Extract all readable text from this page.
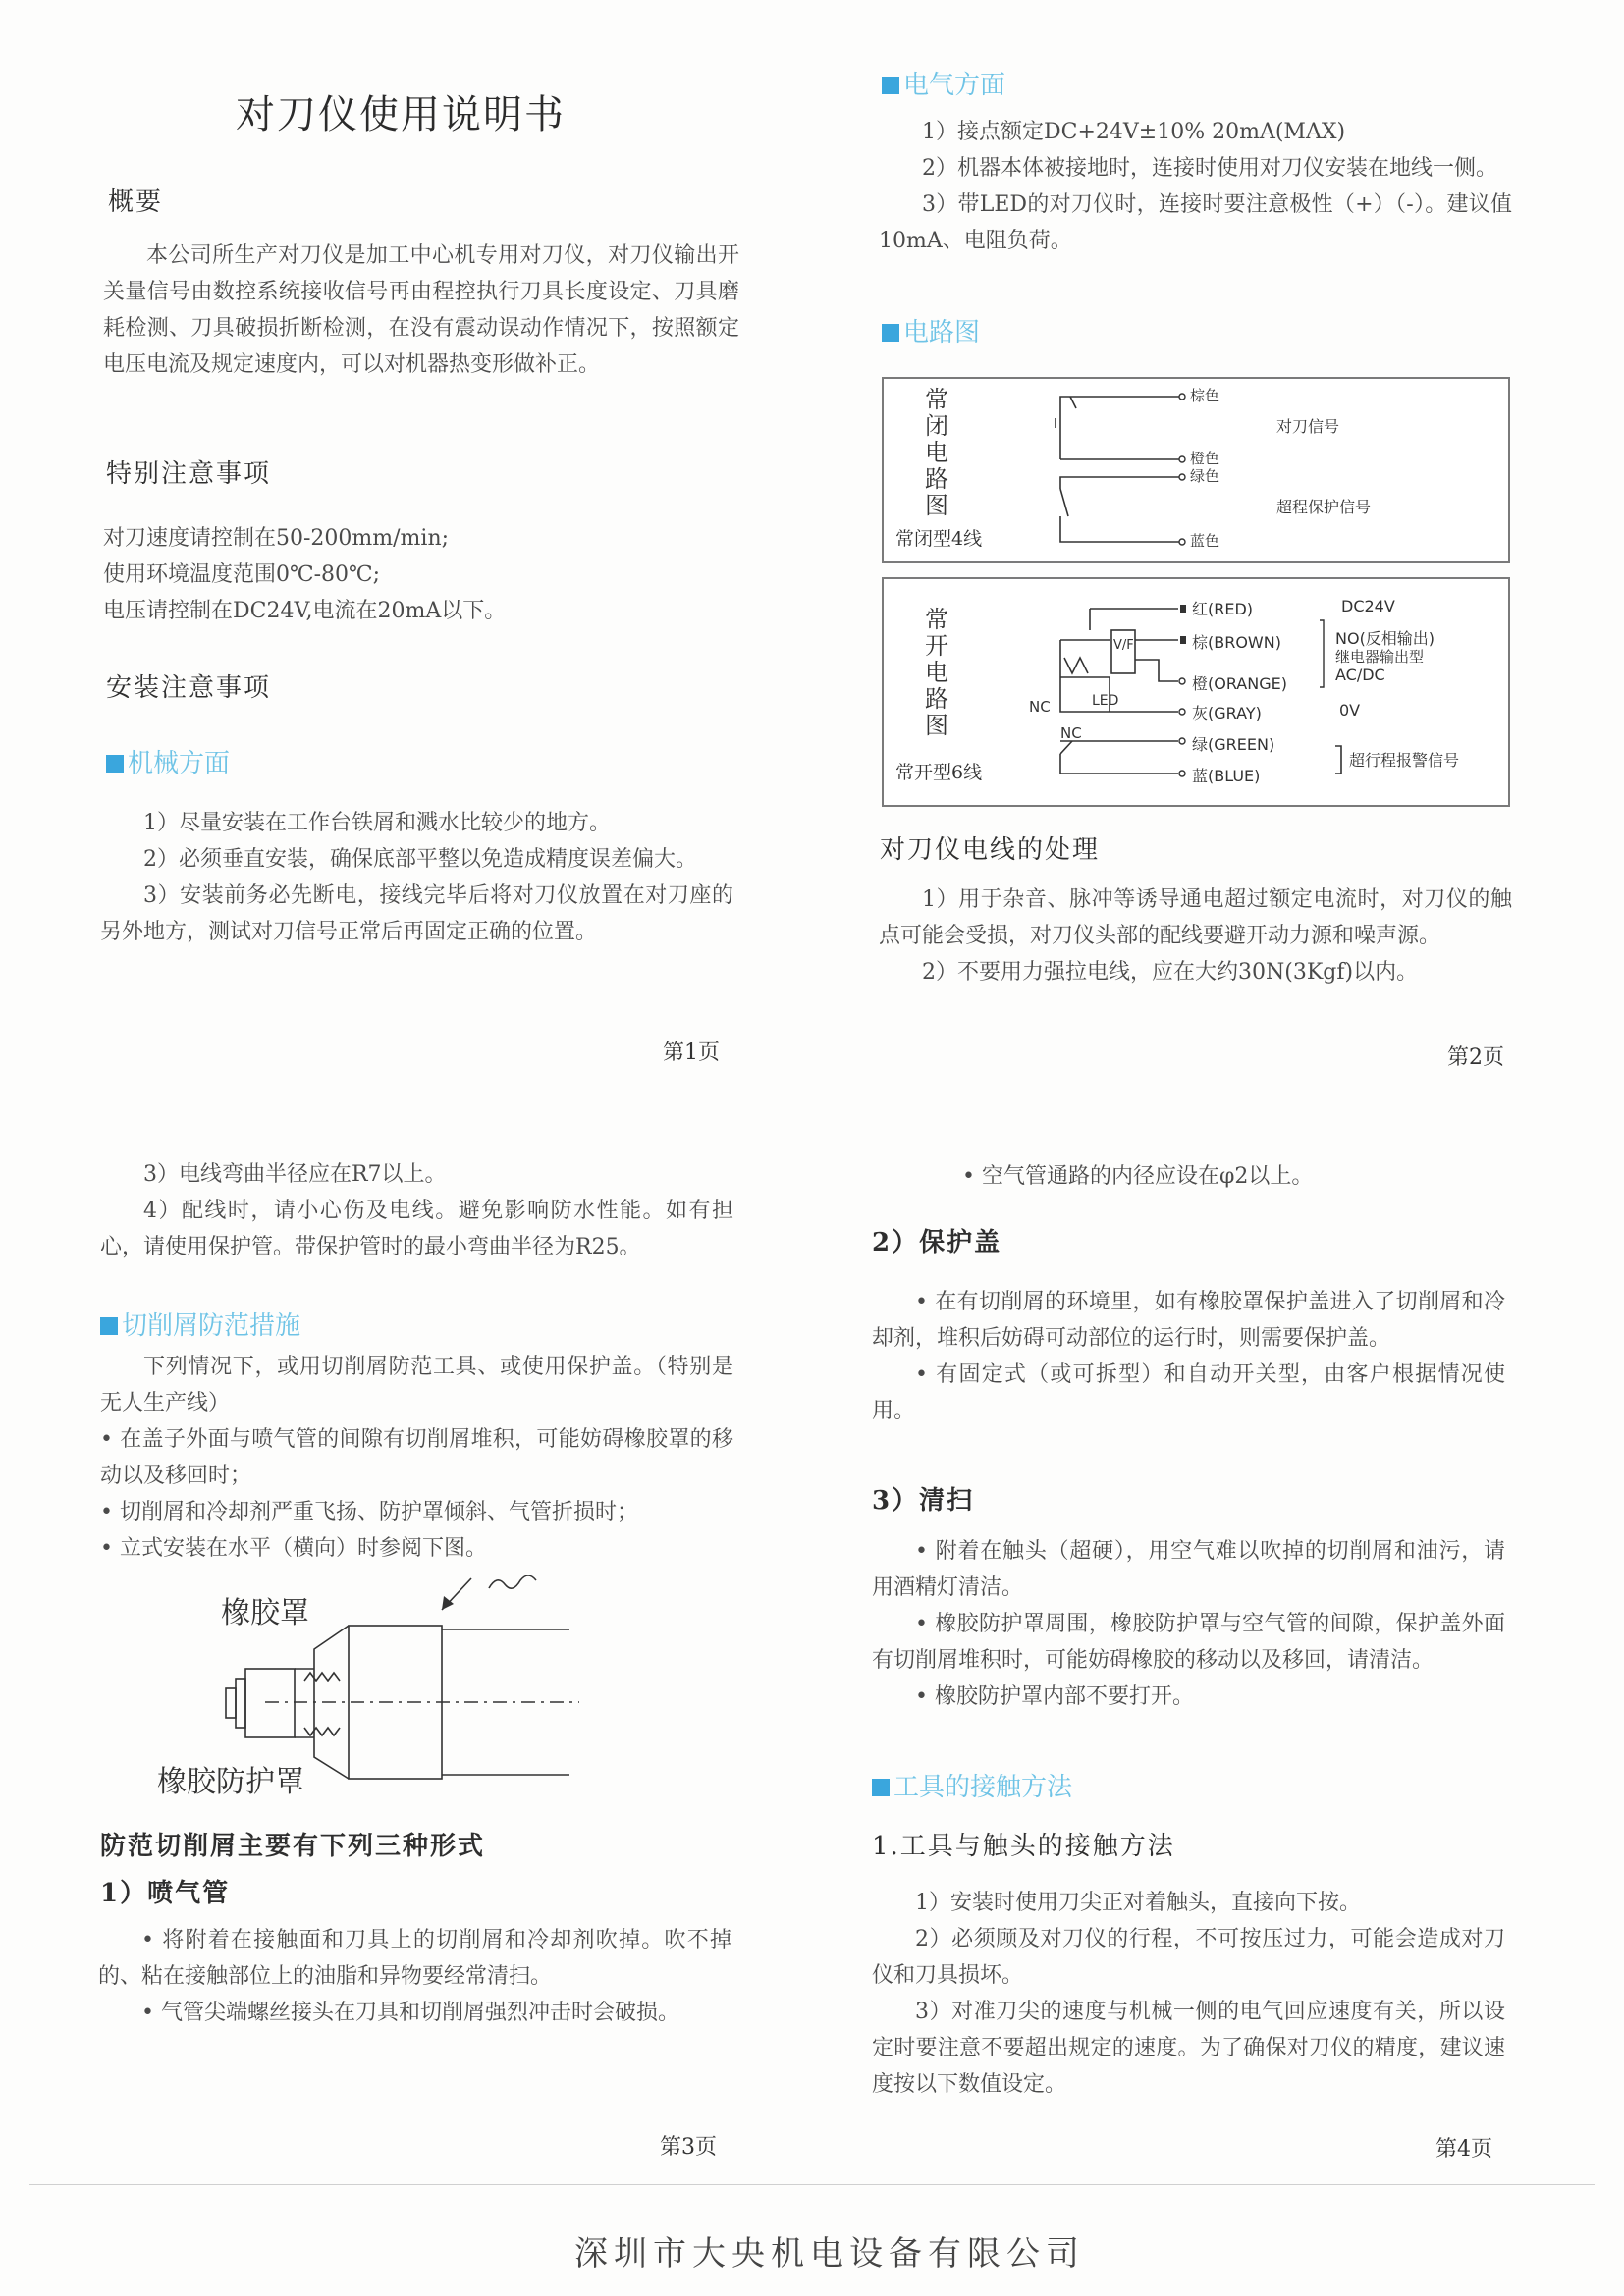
对刀仪使用说明书
概要
本公司所生产对刀仪是加工中心机专用对刀仪，对刀仪输出开关量信号由数控系统接收信号再由程控执行刀具长度设定、刀具磨耗检测、刀具破损折断检测，在没有震动误动作情况下，按照额定电压电流及规定速度内，可以对机器热变形做补正。
特别注意事项
对刀速度请控制在50-200mm/min;
使用环境温度范围0℃-80℃;
电压请控制在DC24V,电流在20mA以下。
安装注意事项
机械方面
1）尽量安装在工作台铁屑和溅水比较少的地方。
2）必须垂直安装，确保底部平整以免造成精度误差偏大。
3）安装前务必先断电，接线完毕后将对刀仪放置在对刀座的另外地方，测试对刀信号正常后再固定正确的位置。
第1页
电气方面
1）接点额定DC+24V±10% 20mA(MAX)
2）机器本体被接地时，连接时使用对刀仪安装在地线一侧。
3）带LED的对刀仪时，连接时要注意极性（+）（-）。建议值10mA、电阻负荷。
电路图
常
闭
电
路
图
常闭型4线
棕色
橙色
绿色
蓝色
对刀信号
超程保护信号
常
开
电
路
图
常开型6线
V/F
LED
NC
NC
红(RED)
棕(BROWN)
橙(ORANGE)
灰(GRAY)
绿(GREEN)
蓝(BLUE)
DC24V
NO(反相输出)
继电器输出型
AC/DC
0V
超行程报警信号
对刀仪电线的处理
1）用于杂音、脉冲等诱导通电超过额定电流时，对刀仪的触点可能会受损，对刀仪头部的配线要避开动力源和噪声源。
2）不要用力强拉电线，应在大约30N(3Kgf)以内。
第2页
3）电线弯曲半径应在R7以上。
4）配线时，请小心伤及电线。避免影响防水性能。如有担心，请使用保护管。带保护管时的最小弯曲半径为R25。
切削屑防范措施
下列情况下，或用切削屑防范工具、或使用保护盖。（特别是无人生产线）
• 在盖子外面与喷气管的间隙有切削屑堆积，可能妨碍橡胶罩的移动以及移回时；
• 切削屑和冷却剂严重飞扬、防护罩倾斜、气管折损时；
• 立式安装在水平（横向）时参阅下图。
橡胶罩
橡胶防护罩
防范切削屑主要有下列三种形式
1）喷气管
• 将附着在接触面和刀具上的切削屑和冷却剂吹掉。吹不掉的、粘在接触部位上的油脂和异物要经常清扫。
• 气管尖端螺丝接头在刀具和切削屑强烈冲击时会破损。
第3页
• 空气管通路的内径应设在φ2以上。
2）保护盖
• 在有切削屑的环境里，如有橡胶罩保护盖进入了切削屑和冷却剂，堆积后妨碍可动部位的运行时，则需要保护盖。
• 有固定式（或可拆型）和自动开关型，由客户根据情况使用。
3）清扫
• 附着在触头（超硬），用空气难以吹掉的切削屑和油污，请用酒精灯清洁。
• 橡胶防护罩周围，橡胶防护罩与空气管的间隙，保护盖外面有切削屑堆积时，可能妨碍橡胶的移动以及移回，请清洁。
• 橡胶防护罩内部不要打开。
工具的接触方法
1.工具与触头的接触方法
1）安装时使用刀尖正对着触头，直接向下按。
2）必须顾及对刀仪的行程，不可按压过力，可能会造成对刀仪和刀具损坏。
3）对准刀尖的速度与机械一侧的电气回应速度有关，所以设定时要注意不要超出规定的速度。为了确保对刀仪的精度，建议速度按以下数值设定。
第4页
深圳市大央机电设备有限公司
